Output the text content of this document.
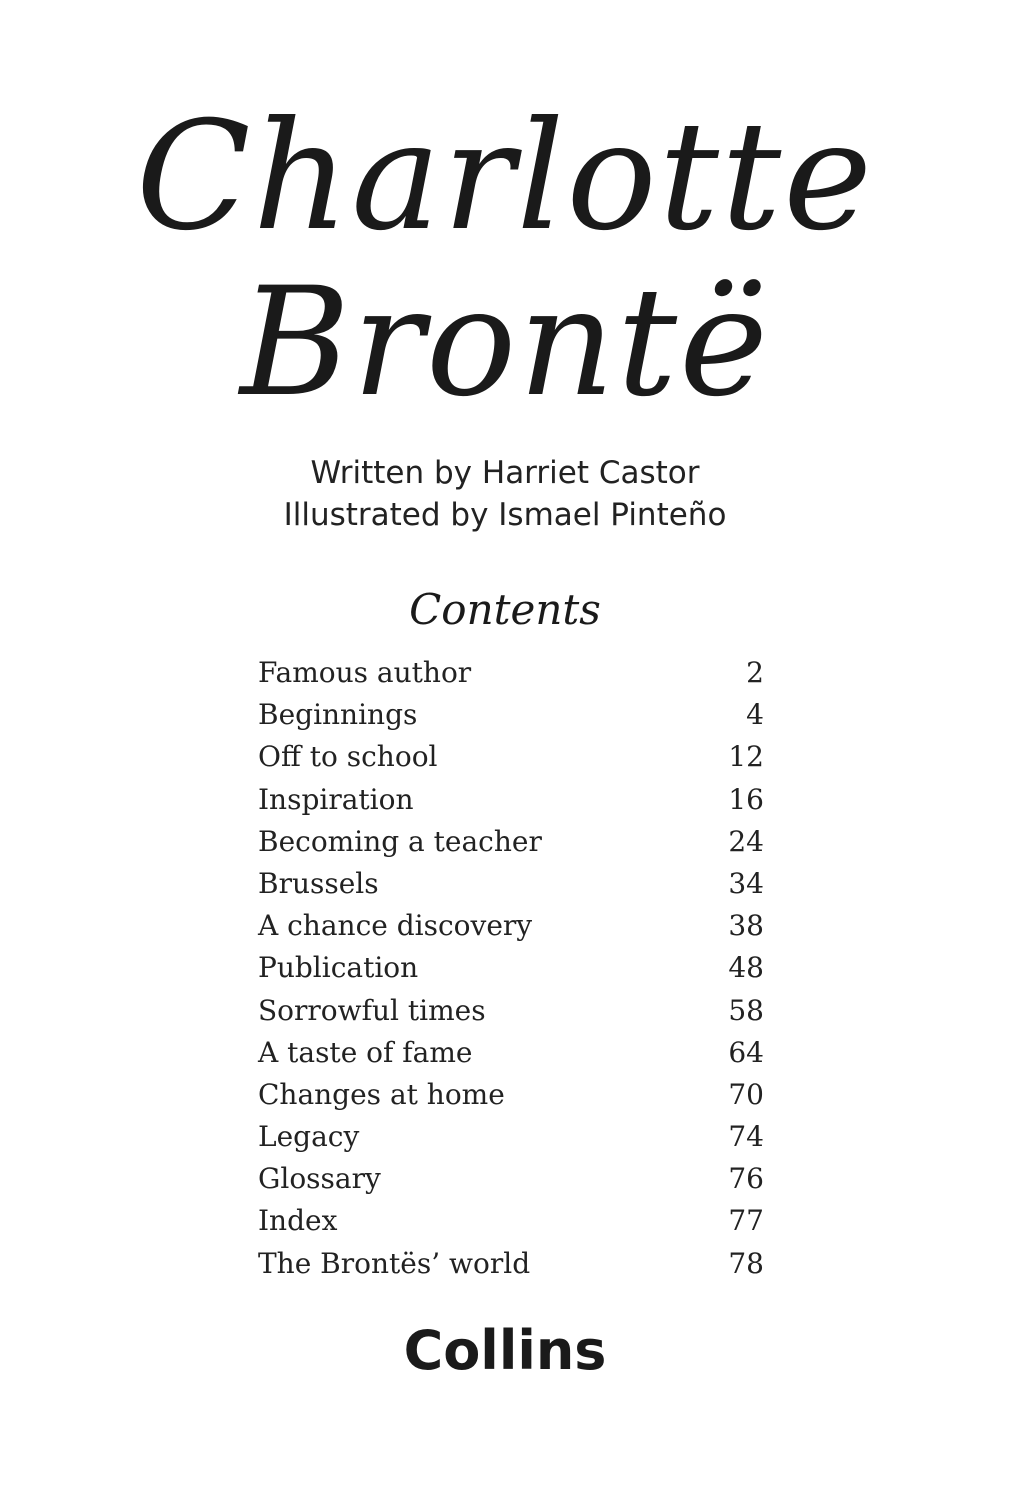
Charlotte
Brontë
Written by Harriet Castor
Illustrated by Ismael Pinteño
Contents
Famous author	2
Beginnings	4
Off to school	12
Inspiration	16
Becoming a teacher	24
Brussels	34
A chance discovery	38
Publication	48
Sorrowful times	58
A taste of fame	64
Changes at home	70
Legacy	74
Glossary	76
Index	77
The Brontës’ world	78
Collins
